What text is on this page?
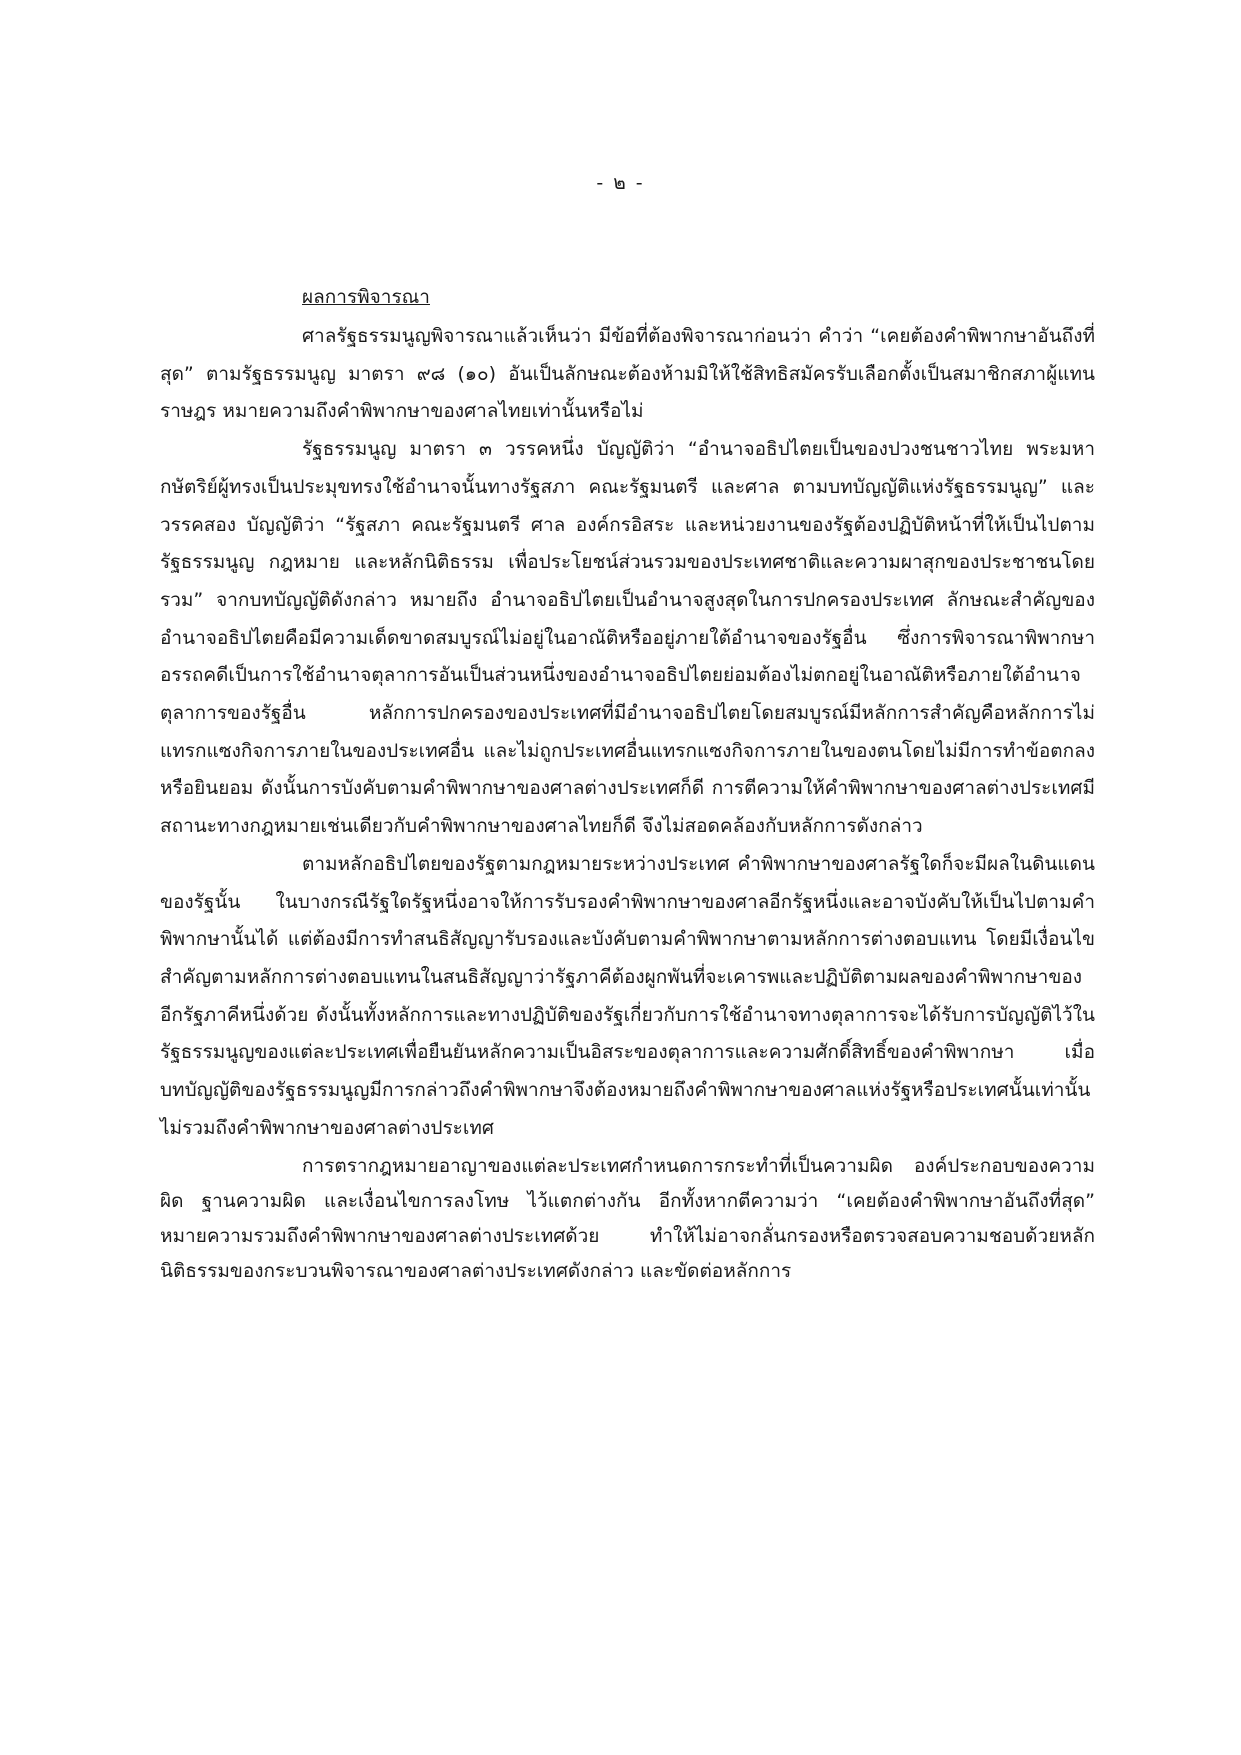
- ๒ -
ผลการพิจารณา

ศาลรัฐธรรมนูญพิจารณาแล้วเห็นว่า มีข้อที่ต้องพิจารณาก่อนว่า คำว่า “เคยต้องคำพิพากษาอันถึงที่สุด” ตามรัฐธรรมนูญ มาตรา ๙๘ (๑๐) อันเป็นลักษณะต้องห้ามมิให้ใช้สิทธิสมัครรับเลือกตั้งเป็นสมาชิกสภาผู้แทนราษฎร หมายความถึงคำพิพากษาของศาลไทยเท่านั้นหรือไม่

รัฐธรรมนูญ มาตรา ๓ วรรคหนึ่ง บัญญัติว่า “อำนาจอธิปไตยเป็นของปวงชนชาวไทย พระมหากษัตริย์ผู้ทรงเป็นประมุขทรงใช้อำนาจนั้นทางรัฐสภา คณะรัฐมนตรี และศาล ตามบทบัญญัติแห่งรัฐธรรมนูญ” และวรรคสอง บัญญัติว่า “รัฐสภา คณะรัฐมนตรี ศาล องค์กรอิสระ และหน่วยงานของรัฐต้องปฏิบัติหน้าที่ให้เป็นไปตามรัฐธรรมนูญ กฎหมาย และหลักนิติธรรม เพื่อประโยชน์ส่วนรวมของประเทศชาติและความผาสุกของประชาชนโดยรวม” จากบทบัญญัติดังกล่าว หมายถึง อำนาจอธิปไตยเป็นอำนาจสูงสุดในการปกครองประเทศ ลักษณะสำคัญของอำนาจอธิปไตยคือมีความเด็ดขาดสมบูรณ์ไม่อยู่ในอาณัติหรืออยู่ภายใต้อำนาจของรัฐอื่น ซึ่งการพิจารณาพิพากษาอรรถคดีเป็นการใช้อำนาจตุลาการอันเป็นส่วนหนึ่งของอำนาจอธิปไตยย่อมต้องไม่ตกอยู่ในอาณัติหรือภายใต้อำนาจตุลาการของรัฐอื่น หลักการปกครองของประเทศที่มีอำนาจอธิปไตยโดยสมบูรณ์มีหลักการสำคัญคือหลักการไม่แทรกแซงกิจการภายในของประเทศอื่น และไม่ถูกประเทศอื่นแทรกแซงกิจการภายในของตนโดยไม่มีการทำข้อตกลงหรือยินยอม ดังนั้นการบังคับตามคำพิพากษาของศาลต่างประเทศก็ดี การตีความให้คำพิพากษาของศาลต่างประเทศมีสถานะทางกฎหมายเช่นเดียวกับคำพิพากษาของศาลไทยก็ดี จึงไม่สอดคล้องกับหลักการดังกล่าว

ตามหลักอธิปไตยของรัฐตามกฎหมายระหว่างประเทศ คำพิพากษาของศาลรัฐใดก็จะมีผลในดินแดนของรัฐนั้น ในบางกรณีรัฐใดรัฐหนึ่งอาจให้การรับรองคำพิพากษาของศาลอีกรัฐหนึ่งและอาจบังคับให้เป็นไปตามคำพิพากษานั้นได้ แต่ต้องมีการทำสนธิสัญญารับรองและบังคับตามคำพิพากษาตามหลักการต่างตอบแทน โดยมีเงื่อนไขสำคัญตามหลักการต่างตอบแทนในสนธิสัญญาว่ารัฐภาคีต้องผูกพันที่จะเคารพและปฏิบัติตามผลของคำพิพากษาของอีกรัฐภาคีหนึ่งด้วย ดังนั้นทั้งหลักการและทางปฏิบัติของรัฐเกี่ยวกับการใช้อำนาจทางตุลาการจะได้รับการบัญญัติไว้ในรัฐธรรมนูญของแต่ละประเทศเพื่อยืนยันหลักความเป็นอิสระของตุลาการและความศักดิ์สิทธิ์ของคำพิพากษา เมื่อบทบัญญัติของรัฐธรรมนูญมีการกล่าวถึงคำพิพากษาจึงต้องหมายถึงคำพิพากษาของศาลแห่งรัฐหรือประเทศนั้นเท่านั้น ไม่รวมถึงคำพิพากษาของศาลต่างประเทศ

การตรากฎหมายอาญาของแต่ละประเทศกำหนดการกระทำที่เป็นความผิด องค์ประกอบของความผิด ฐานความผิด และเงื่อนไขการลงโทษ ไว้แตกต่างกัน อีกทั้งหากตีความว่า “เคยต้องคำพิพากษาอันถึงที่สุด” หมายความรวมถึงคำพิพากษาของศาลต่างประเทศด้วย ทำให้ไม่อาจกลั่นกรองหรือตรวจสอบความชอบด้วยหลักนิติธรรมของกระบวนพิจารณาของศาลต่างประเทศดังกล่าว และขัดต่อหลักการ
